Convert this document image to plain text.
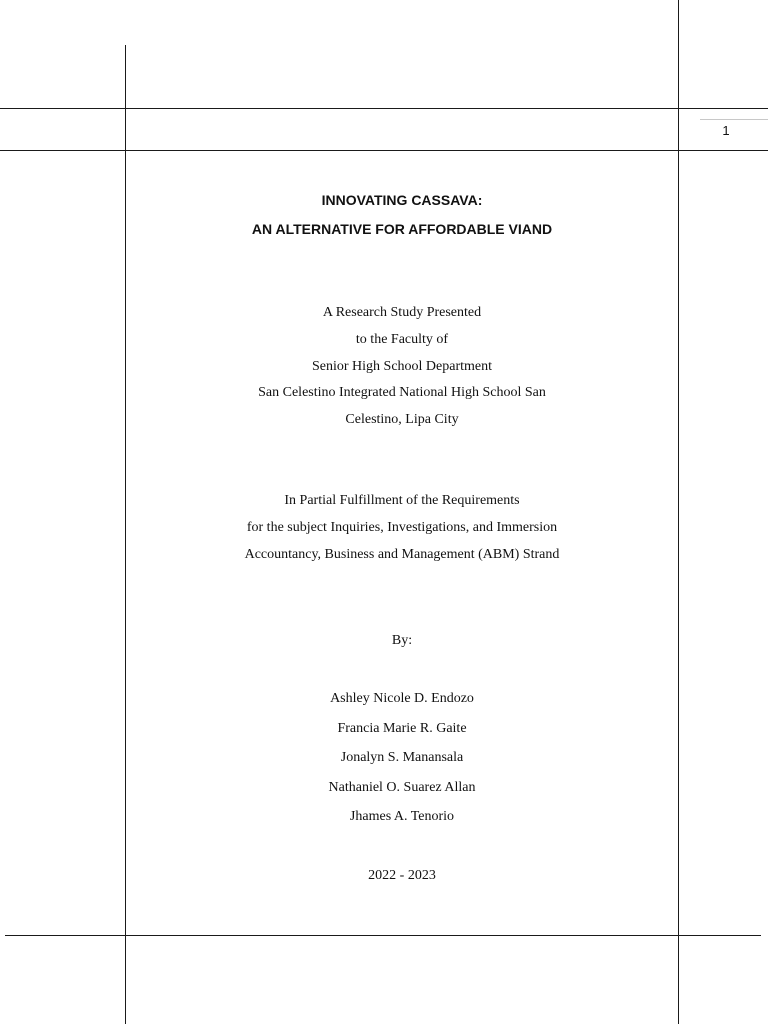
1

INNOVATING CASSAVA:

AN ALTERNATIVE FOR AFFORDABLE VIAND

A Research Study Presented

to the Faculty of

Senior High School Department

San Celestino Integrated National High School San

Celestino, Lipa City

In Partial Fulfillment of the Requirements

for the subject Inquiries, Investigations, and Immersion

Accountancy, Business and Management (ABM) Strand

By:

Ashley Nicole D. Endozo

Francia Marie R. Gaite

Jonalyn S. Manansala

Nathaniel O. Suarez Allan

Jhames A. Tenorio

2022 - 2023
